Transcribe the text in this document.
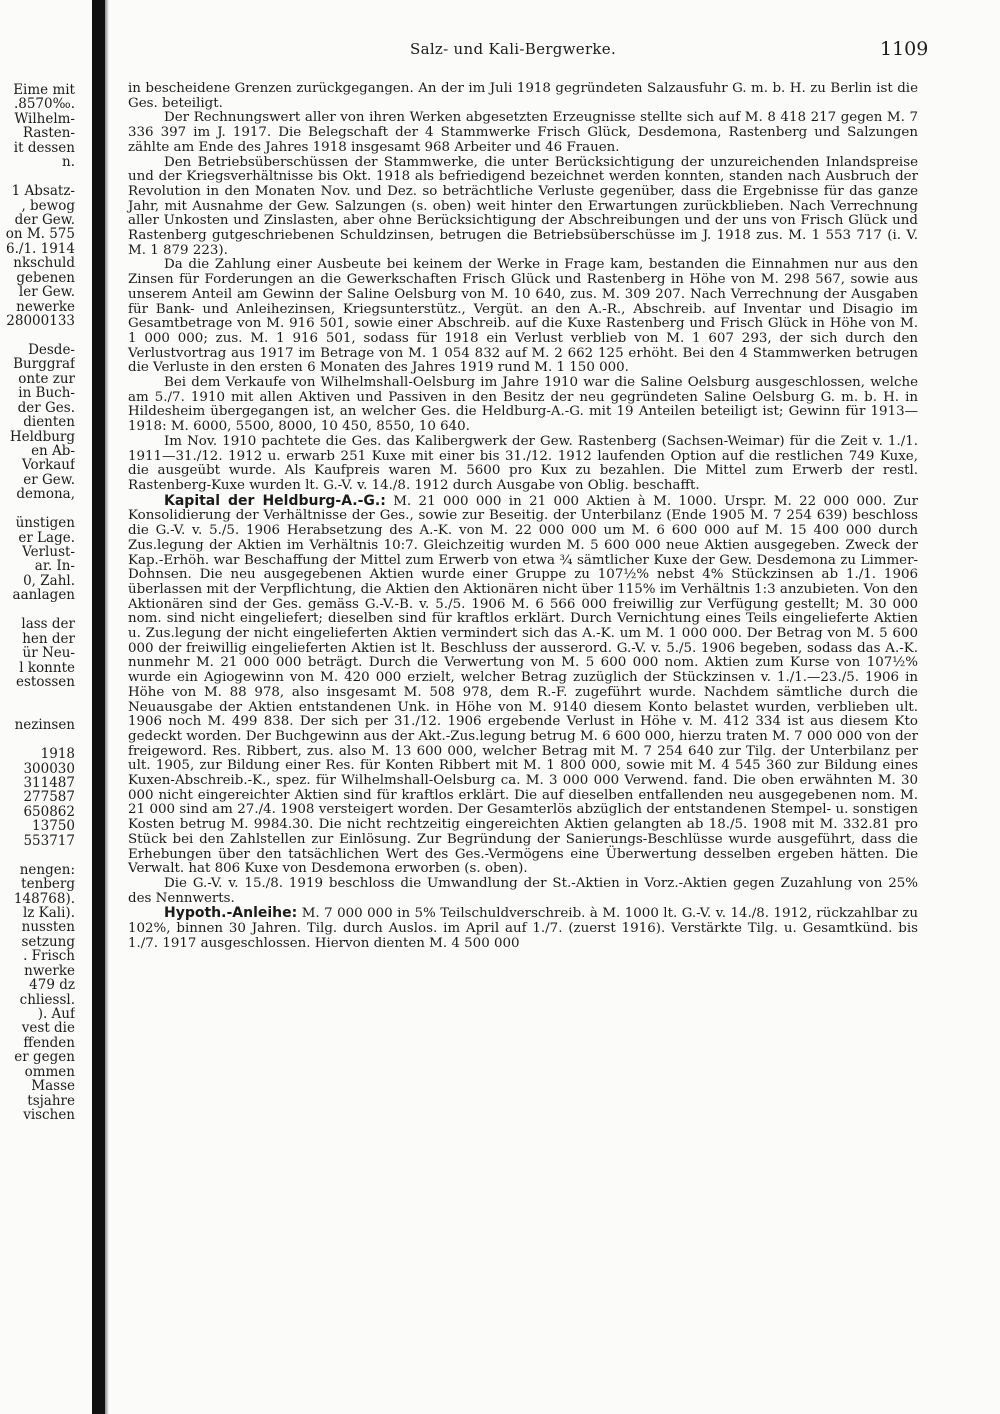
Eime mit
.8570‰.
Wilhelm-
Rasten-
it dessen
n.
1 Absatz-
, bewog
der Gew.
on M. 575
6./1. 1914
nkschuld
gebenen
ler Gew.
newerke
28000133
Desde-
Burggraf
onte zur
in Buch-
der Ges.
dienten
Heldburg
en Ab-
Vorkauf
er Gew.
demona,
ünstigen
er Lage.
Verlust-
ar. In-
0, Zahl.
aanlagen
lass der
hen der
ür Neu-
l konnte
estossen
nezinsen
1918
300030
311487
277587
650862
13750
553717
nengen:
tenberg
148768).
lz Kali).
nussten
setzung
. Frisch
nwerke
479 dz
chliessl.
). Auf
vest die
ffenden
er gegen
ommen
Masse
tsjahre
vischen
Salz- und Kali-Bergwerke.	1109

in bescheidene Grenzen zurückgegangen. An der im Juli 1918 gegründeten Salzausfuhr G. m. b. H. zu Berlin ist die Ges. beteiligt.

Der Rechnungswert aller von ihren Werken abgesetzten Erzeugnisse stellte sich auf M. 8 418 217 gegen M. 7 336 397 im J. 1917. Die Belegschaft der 4 Stammwerke Frisch Glück, Desdemona, Rastenberg und Salzungen zählte am Ende des Jahres 1918 insgesamt 968 Arbeiter und 46 Frauen.

Den Betriebsüberschüssen der Stammwerke, die unter Berücksichtigung der unzureichenden Inlandspreise und der Kriegsverhältnisse bis Okt. 1918 als befriedigend bezeichnet werden konnten, standen nach Ausbruch der Revolution in den Monaten Nov. und Dez. so beträchtliche Verluste gegenüber, dass die Ergebnisse für das ganze Jahr, mit Ausnahme der Gew. Salzungen (s. oben) weit hinter den Erwartungen zurückblieben. Nach Verrechnung aller Unkosten und Zinslasten, aber ohne Berücksichtigung der Abschreibungen und der uns von Frisch Glück und Rastenberg gutgeschriebenen Schuldzinsen, betrugen die Betriebsüberschüsse im J. 1918 zus. M. 1 553 717 (i. V. M. 1 879 223).

Da die Zahlung einer Ausbeute bei keinem der Werke in Frage kam, bestanden die Einnahmen nur aus den Zinsen für Forderungen an die Gewerkschaften Frisch Glück und Rastenberg in Höhe von M. 298 567, sowie aus unserem Anteil am Gewinn der Saline Oelsburg von M. 10 640, zus. M. 309 207. Nach Verrechnung der Ausgaben für Bank- und Anleihezinsen, Kriegsunterstütz., Vergüt. an den A.-R., Abschreib. auf Inventar und Disagio im Gesamtbetrage von M. 916 501, sowie einer Abschreib. auf die Kuxe Rastenberg und Frisch Glück in Höhe von M. 1 000 000; zus. M. 1 916 501, sodass für 1918 ein Verlust verblieb von M. 1 607 293, der sich durch den Verlustvortrag aus 1917 im Betrage von M. 1 054 832 auf M. 2 662 125 erhöht. Bei den 4 Stammwerken betrugen die Verluste in den ersten 6 Monaten des Jahres 1919 rund M. 1 150 000.

Bei dem Verkaufe von Wilhelmshall-Oelsburg im Jahre 1910 war die Saline Oelsburg ausgeschlossen, welche am 5./7. 1910 mit allen Aktiven und Passiven in den Besitz der neu gegründeten Saline Oelsburg G. m. b. H. in Hildesheim übergegangen ist, an welcher Ges. die Heldburg-A.-G. mit 19 Anteilen beteiligt ist; Gewinn für 1913—1918: M. 6000, 5500, 8000, 10 450, 8550, 10 640.

Im Nov. 1910 pachtete die Ges. das Kalibergwerk der Gew. Rastenberg (Sachsen-Weimar) für die Zeit v. 1./1. 1911—31./12. 1912 u. erwarb 251 Kuxe mit einer bis 31./12. 1912 laufenden Option auf die restlichen 749 Kuxe, die ausgeübt wurde. Als Kaufpreis waren M. 5600 pro Kux zu bezahlen. Die Mittel zum Erwerb der restl. Rastenberg-Kuxe wurden lt. G.-V. v. 14./8. 1912 durch Ausgabe von Oblig. beschafft.

Kapital der Heldburg-A.-G.: M. 21 000 000 in 21 000 Aktien à M. 1000. Urspr. M. 22 000 000. Zur Konsolidierung der Verhältnisse der Ges., sowie zur Beseitig. der Unterbilanz (Ende 1905 M. 7 254 639) beschloss die G.-V. v. 5./5. 1906 Herabsetzung des A.-K. von M. 22 000 000 um M. 6 600 000 auf M. 15 400 000 durch Zus.legung der Aktien im Verhältnis 10:7. Gleichzeitig wurden M. 5 600 000 neue Aktien ausgegeben. Zweck der Kap.-Erhöh. war Beschaffung der Mittel zum Erwerb von etwa ¾ sämtlicher Kuxe der Gew. Desdemona zu Limmer-Dohnsen. Die neu ausgegebenen Aktien wurde einer Gruppe zu 107½% nebst 4% Stückzinsen ab 1./1. 1906 überlassen mit der Verpflichtung, die Aktien den Aktionären nicht über 115% im Verhältnis 1:3 anzubieten. Von den Aktionären sind der Ges. gemäss G.-V.-B. v. 5./5. 1906 M. 6 566 000 freiwillig zur Verfügung gestellt; M. 30 000 nom. sind nicht eingeliefert; dieselben sind für kraftlos erklärt. Durch Vernichtung eines Teils eingelieferte Aktien u. Zus.legung der nicht eingelieferten Aktien vermindert sich das A.-K. um M. 1 000 000. Der Betrag von M. 5 600 000 der freiwillig eingelieferten Aktien ist lt. Beschluss der ausserord. G.-V. v. 5./5. 1906 begeben, sodass das A.-K. nunmehr M. 21 000 000 beträgt. Durch die Verwertung von M. 5 600 000 nom. Aktien zum Kurse von 107½% wurde ein Agiogewinn von M. 420 000 erzielt, welcher Betrag zuzüglich der Stückzinsen v. 1./1.—23./5. 1906 in Höhe von M. 88 978, also insgesamt M. 508 978, dem R.-F. zugeführt wurde. Nachdem sämtliche durch die Neuausgabe der Aktien entstandenen Unk. in Höhe von M. 9140 diesem Konto belastet wurden, verblieben ult. 1906 noch M. 499 838. Der sich per 31./12. 1906 ergebende Verlust in Höhe v. M. 412 334 ist aus diesem Kto gedeckt worden. Der Buchgewinn aus der Akt.-Zus.legung betrug M. 6 600 000, hierzu traten M. 7 000 000 von der freigeword. Res. Ribbert, zus. also M. 13 600 000, welcher Betrag mit M. 7 254 640 zur Tilg. der Unterbilanz per ult. 1905, zur Bildung einer Res. für Konten Ribbert mit M. 1 800 000, sowie mit M. 4 545 360 zur Bildung eines Kuxen-Abschreib.-K., spez. für Wilhelmshall-Oelsburg ca. M. 3 000 000 Verwend. fand. Die oben erwähnten M. 30 000 nicht eingereichter Aktien sind für kraftlos erklärt. Die auf dieselben entfallenden neu ausgegebenen nom. M. 21 000 sind am 27./4. 1908 versteigert worden. Der Gesamterlös abzüglich der entstandenen Stempel- u. sonstigen Kosten betrug M. 9984.30. Die nicht rechtzeitig eingereichten Aktien gelangten ab 18./5. 1908 mit M. 332.81 pro Stück bei den Zahlstellen zur Einlösung. Zur Begründung der Sanierungs-Beschlüsse wurde ausgeführt, dass die Erhebungen über den tatsächlichen Wert des Ges.-Vermögens eine Überwertung desselben ergeben hätten. Die Verwalt. hat 806 Kuxe von Desdemona erworben (s. oben).

Die G.-V. v. 15./8. 1919 beschloss die Umwandlung der St.-Aktien in Vorz.-Aktien gegen Zuzahlung von 25% des Nennwerts.

Hypoth.-Anleihe: M. 7 000 000 in 5% Teilschuldverschreib. à M. 1000 lt. G.-V. v. 14./8. 1912, rückzahlbar zu 102%, binnen 30 Jahren. Tilg. durch Auslos. im April auf 1./7. (zuerst 1916). Verstärkte Tilg. u. Gesamtkünd. bis 1./7. 1917 ausgeschlossen. Hiervon dienten M. 4 500 000
